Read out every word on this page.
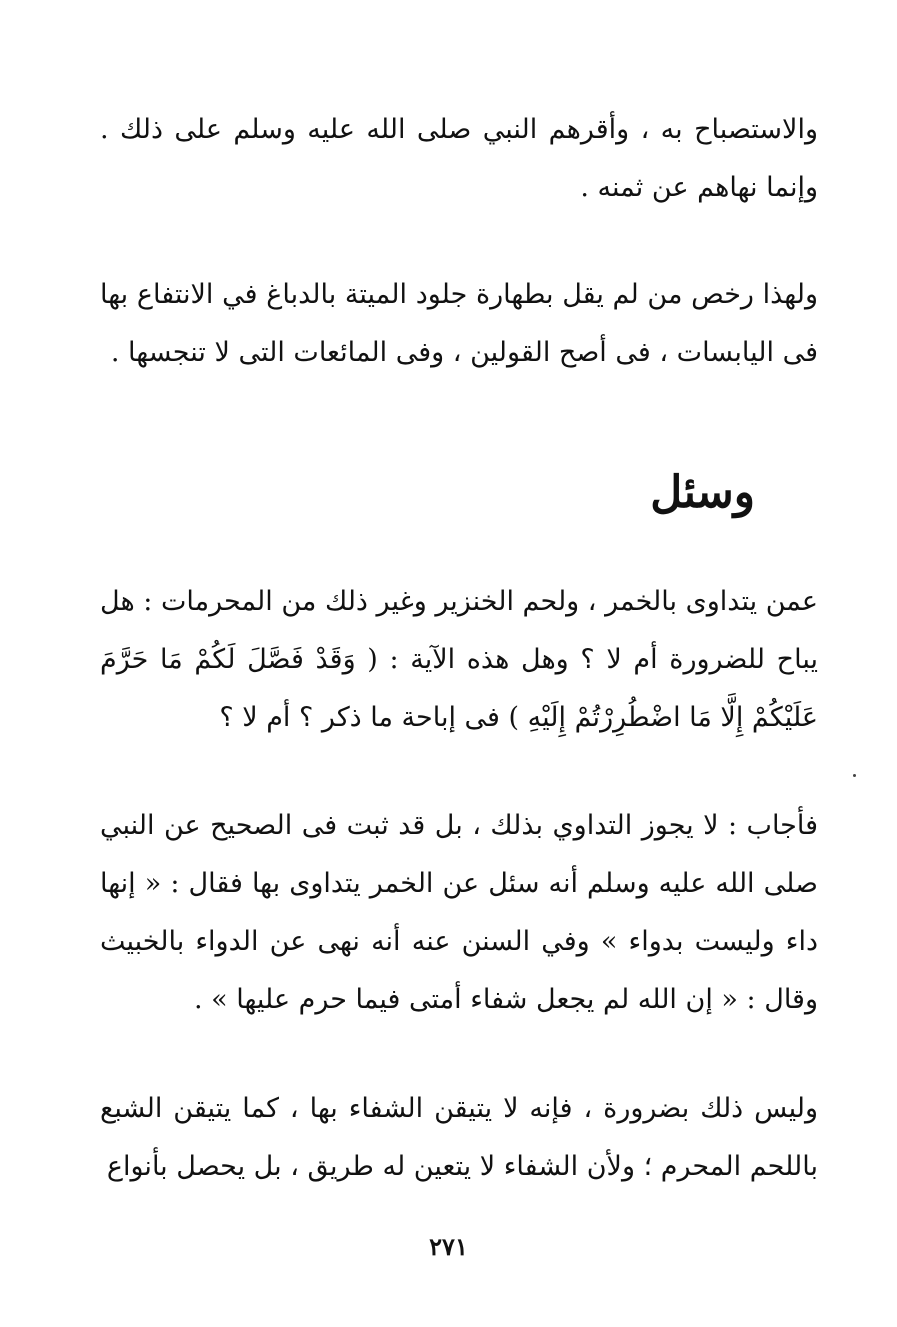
والاستصباح به ، وأقرهم النبي صلى الله عليه وسلم على ذلك . وإنما نهاهم عن ثمنه .

ولهذا رخص من لم يقل بطهارة جلود الميتة بالدباغ في الانتفاع بها فى اليابسات ، فى أصح القولين ، وفى المائعات التى لا تنجسها .

وسئل

عمن يتداوى بالخمر ، ولحم الخنزير وغير ذلك من المحرمات : هل يباح للضرورة أم لا ؟ وهل هذه الآية : ( وَقَدْ فَصَّلَ لَكُمْ مَا حَرَّمَ عَلَيْكُمْ إِلَّا مَا اضْطُرِرْتُمْ إِلَيْهِ ) فى إباحة ما ذكر ؟ أم لا ؟

فأجاب : لا يجوز التداوي بذلك ، بل قد ثبت فى الصحيح عن النبي صلى الله عليه وسلم أنه سئل عن الخمر يتداوى بها فقال : « إنها داء وليست بدواء » وفي السنن عنه أنه نهى عن الدواء بالخبيث وقال : « إن الله لم يجعل شفاء أمتى فيما حرم عليها » .

وليس ذلك بضرورة ، فإنه لا يتيقن الشفاء بها ، كما يتيقن الشبع باللحم المحرم ؛ ولأن الشفاء لا يتعين له طريق ، بل يحصل بأنواع

٢٧١
